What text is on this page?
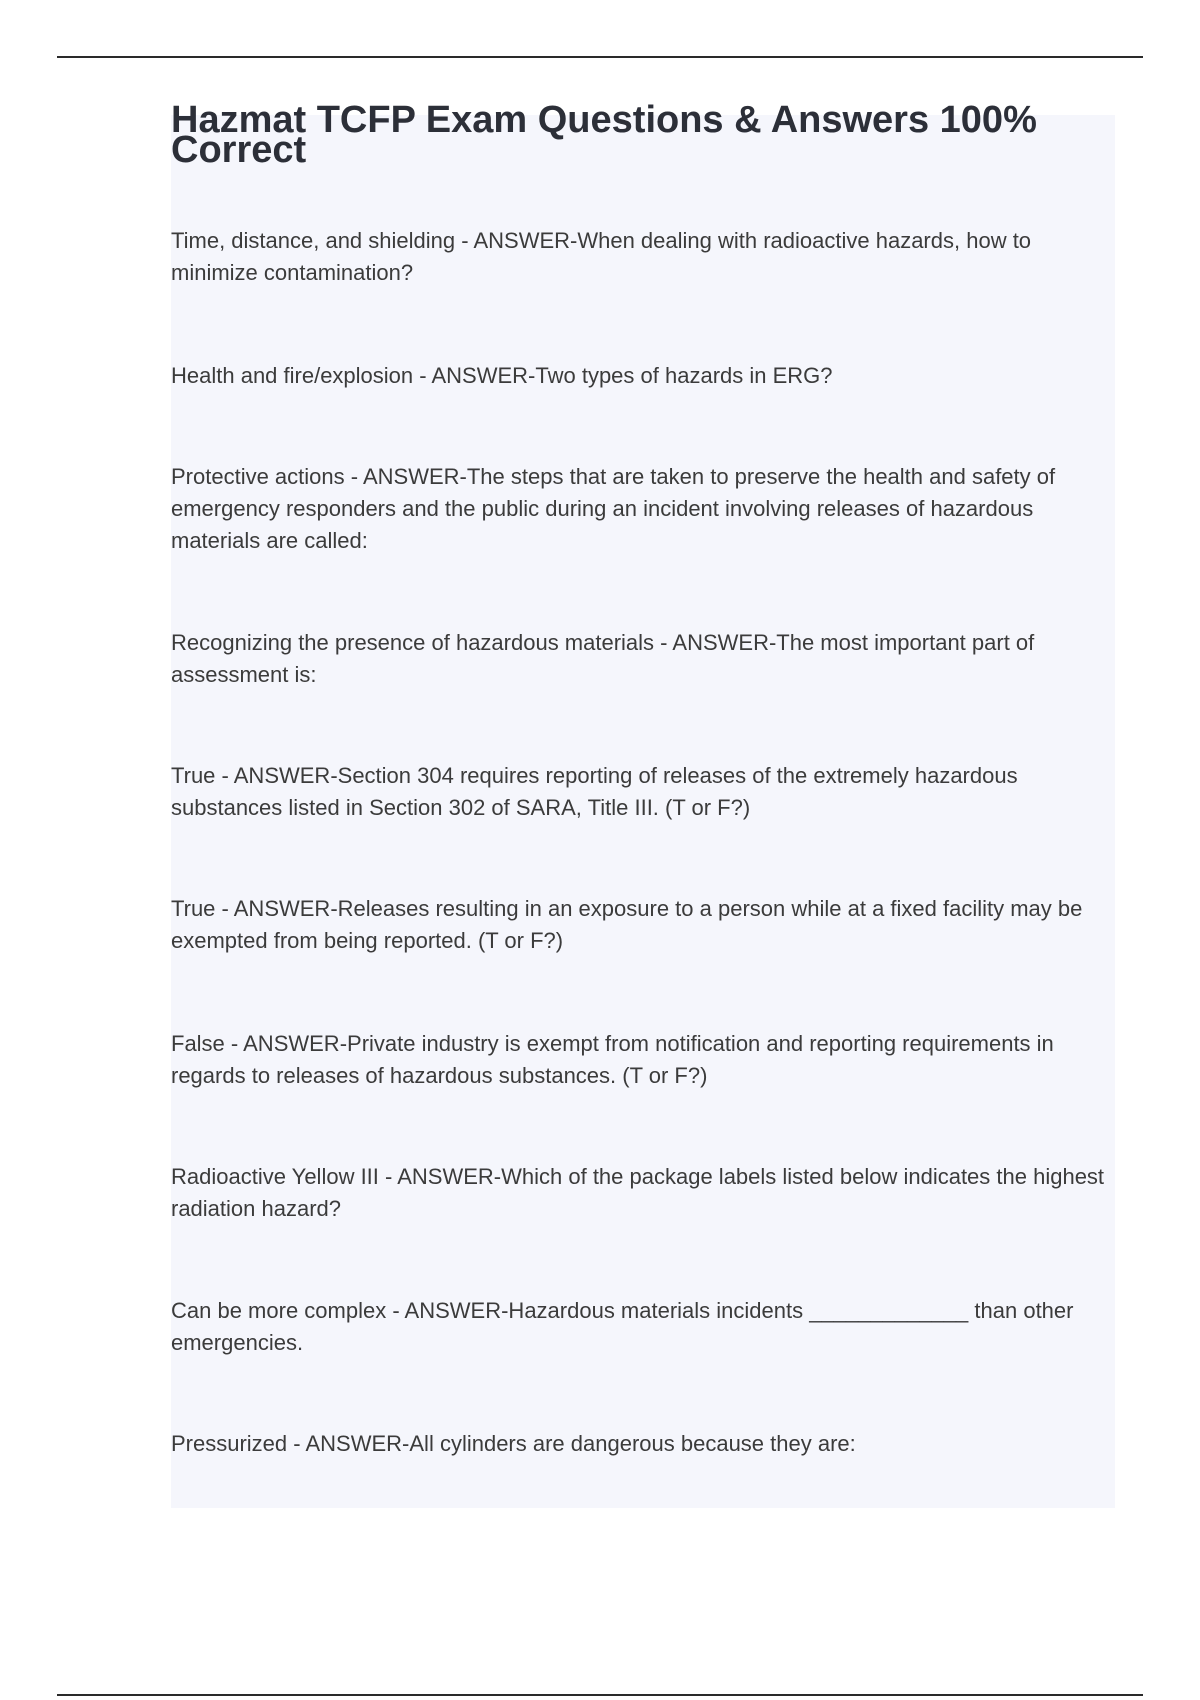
Hazmat TCFP Exam Questions & Answers 100% Correct
Time, distance, and shielding - ANSWER-When dealing with radioactive hazards, how to minimize contamination?
Health and fire/explosion - ANSWER-Two types of hazards in ERG?
Protective actions - ANSWER-The steps that are taken to preserve the health and safety of emergency responders and the public during an incident involving releases of hazardous materials are called:
Recognizing the presence of hazardous materials - ANSWER-The most important part of assessment is:
True - ANSWER-Section 304 requires reporting of releases of the extremely hazardous substances listed in Section 302 of SARA, Title III. (T or F?)
True - ANSWER-Releases resulting in an exposure to a person while at a fixed facility may be exempted from being reported. (T or F?)
False - ANSWER-Private industry is exempt from notification and reporting requirements in regards to releases of hazardous substances. (T or F?)
Radioactive Yellow III - ANSWER-Which of the package labels listed below indicates the highest radiation hazard?
Can be more complex - ANSWER-Hazardous materials incidents _____________ than other emergencies.
Pressurized - ANSWER-All cylinders are dangerous because they are:
